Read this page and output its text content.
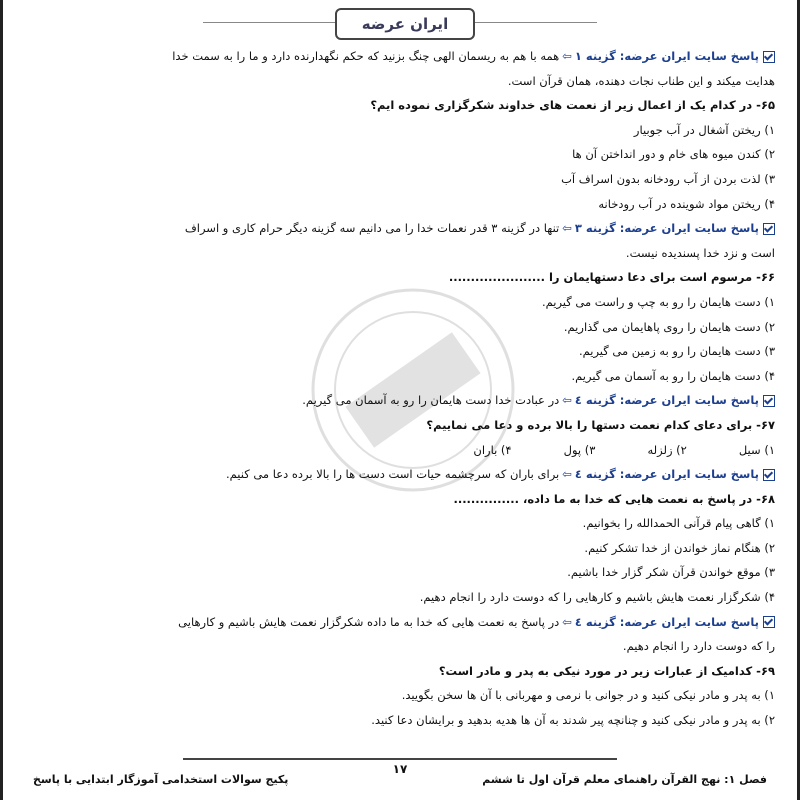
ایران عرضه
پاسخ سایت ایران عرضه: گزینه ۱⇦همه با هم به ریسمان الهی چنگ بزنید که حکم نگهدارنده دارد و ما را به سمت خدا
هدایت میکند و این طناب نجات دهنده، همان قرآن است.
۶۵- در کدام یک از اعمال زیر از نعمت های خداوند شکرگزاری نموده ایم؟
۱) ریختن آشغال در آب جوبیار
۲) کندن میوه های خام و دور انداختن آن ها
۳) لذت بردن از آب رودخانه بدون اسراف آب
۴) ریختن مواد شوینده در آب رودخانه
پاسخ سایت ایران عرضه: گزینه ۳⇦تنها در گزینه ۳ قدر نعمات خدا را می دانیم سه گزینه دیگر حرام کاری و اسراف
است و نزد خدا پسندیده نیست.
۶۶- مرسوم است برای دعا دستهایمان را ......................
۱) دست هایمان را رو به چپ و راست می گیریم.
۲) دست هایمان را روی پاهایمان می گذاریم.
۳) دست هایمان را رو به زمین می گیریم.
۴) دست هایمان را رو به آسمان می گیریم.
پاسخ سایت ایران عرضه: گزینه ٤⇦در عبادت خدا دست هایمان را رو به آسمان می گیریم.
۶۷- برای دعای کدام نعمت دستها را بالا برده و دعا می نماییم؟
۱) سیل
۲) زلزله
۳) پول
۴) باران
پاسخ سایت ایران عرضه: گزینه ٤⇦برای باران که سرچشمه حیات است دست ها را بالا برده دعا می کنیم.
۶۸- در پاسخ به نعمت هایی که خدا به ما داده، ...............
۱) گاهی پیام قرآنی الحمدالله را بخوانیم.
۲) هنگام نماز خواندن از خدا تشکر کنیم.
۳) موقع خواندن قرآن شکر گزار خدا باشیم.
۴) شکرگزار نعمت هایش باشیم و کارهایی را که دوست دارد را انجام دهیم.
پاسخ سایت ایران عرضه: گزینه ٤⇦در پاسخ به نعمت هایی که خدا به ما داده شکرگزار نعمت هایش باشیم و کارهایی
را که دوست دارد را انجام دهیم.
۶۹- کدامیک از عبارات زیر در مورد نیکی به پدر و مادر است؟
۱) به پدر و مادر نیکی کنید و در جوانی با نرمی و مهربانی با آن ها سخن بگویید.
۲) به پدر و مادر نیکی کنید و چنانچه پیر شدند به آن ها هدیه بدهید و برایشان دعا کنید.
۱۷
فصل ۱: نهج القرآن راهنمای معلم قرآن اول تا ششم
پکیج سوالات استخدامی آموزگار ابتدایی با پاسخ
